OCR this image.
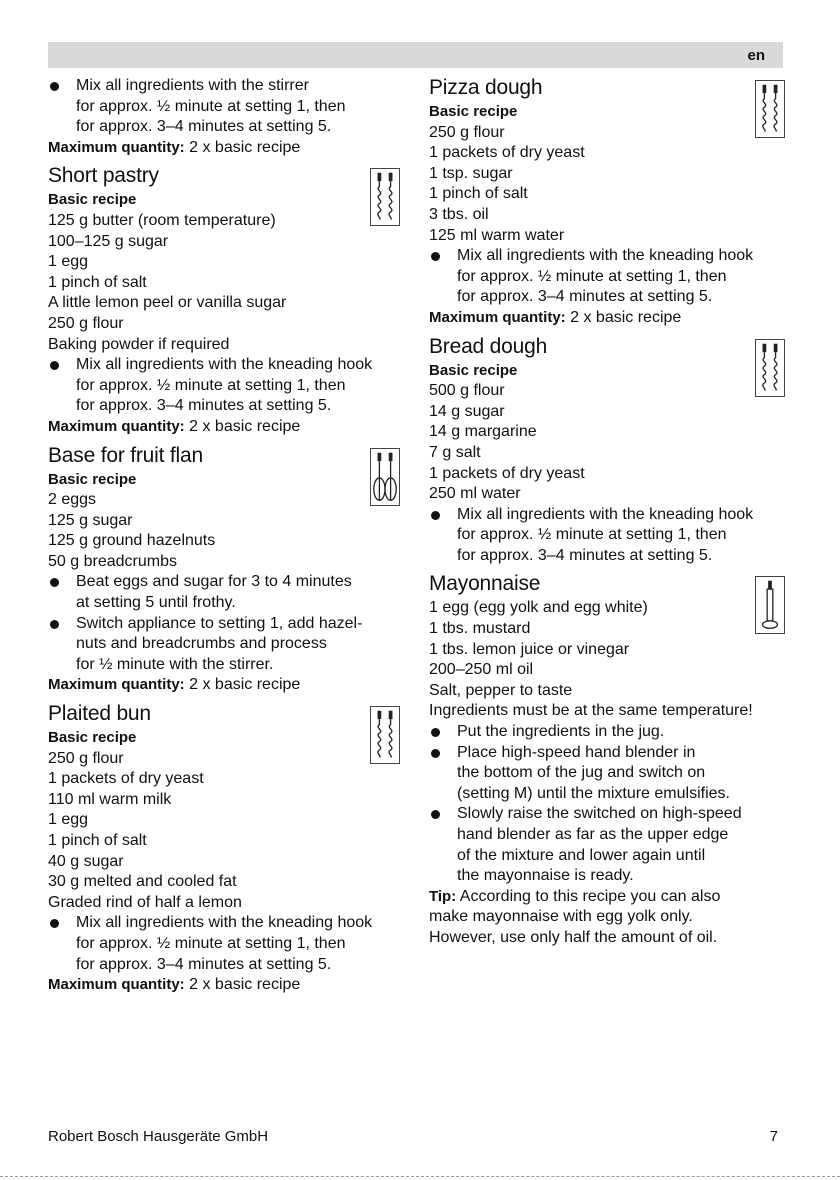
en
Mix all ingredients with the stirrer
for approx. ½ minute at setting 1, then
for approx. 3–4 minutes at setting 5.
Maximum quantity: 2 x basic recipe
Short pastry
Basic recipe
125 g butter (room temperature)
100–125 g sugar
1 egg
1 pinch of salt
A little lemon peel or vanilla sugar
250 g flour
Baking powder if required
Mix all ingredients with the kneading hook
for approx. ½ minute at setting 1, then
for approx. 3–4 minutes at setting 5.
Maximum quantity: 2 x basic recipe
Base for fruit flan
Basic recipe
2 eggs
125 g sugar
125 g ground hazelnuts
50 g breadcrumbs
Beat eggs and sugar for 3 to 4 minutes
at setting 5 until frothy.
Switch appliance to setting 1, add hazel-
nuts and breadcrumbs and process
for ½ minute with the stirrer.
Maximum quantity: 2 x basic recipe
Plaited bun
Basic recipe
250 g flour
1 packets of dry yeast
110 ml warm milk
1 egg
1 pinch of salt
40 g sugar
30 g melted and cooled fat
Graded rind of half a lemon
Mix all ingredients with the kneading hook
for approx. ½ minute at setting 1, then
for approx. 3–4 minutes at setting 5.
Maximum quantity: 2 x basic recipe
Pizza dough
Basic recipe
250 g flour
1 packets of dry yeast
1 tsp. sugar
1 pinch of salt
3 tbs. oil
125 ml warm water
Mix all ingredients with the kneading hook
for approx. ½ minute at setting 1, then
for approx. 3–4 minutes at setting 5.
Maximum quantity: 2 x basic recipe
Bread dough
Basic recipe
500 g flour
14 g sugar
14 g margarine
7 g salt
1 packets of dry yeast
250 ml water
Mix all ingredients with the kneading hook
for approx. ½ minute at setting 1, then
for approx. 3–4 minutes at setting 5.
Mayonnaise
1 egg (egg yolk and egg white)
1 tbs. mustard
1 tbs. lemon juice or vinegar
200–250 ml oil
Salt, pepper to taste
Ingredients must be at the same temperature!
Put the ingredients in the jug.
Place high-speed hand blender in
the bottom of the jug and switch on
(setting M) until the mixture emulsifies.
Slowly raise the switched on high-speed
hand blender as far as the upper edge
of the mixture and lower again until
the mayonnaise is ready.
Tip: According to this recipe you can also
make mayonnaise with egg yolk only.
However, use only half the amount of oil.
Robert Bosch Hausgeräte GmbH	7
